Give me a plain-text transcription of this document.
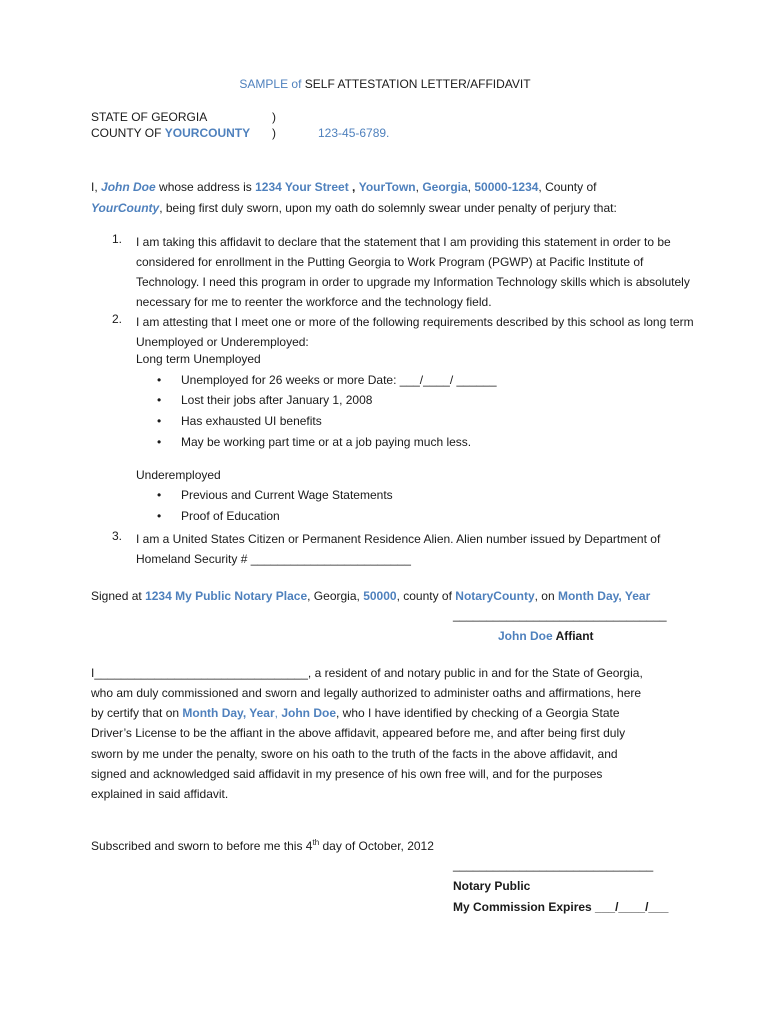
SAMPLE of SELF ATTESTATION LETTER/AFFIDAVIT
STATE OF GEORGIA	)
COUNTY OF YOURCOUNTY )	123-45-6789.
I, John Doe whose address is 1234 Your Street , YourTown, Georgia, 50000-1234, County of
YourCounty, being first duly sworn, upon my oath do solemnly swear under penalty of perjury that:
1. I am taking this affidavit to declare that the statement that I am providing this statement in order to be considered for enrollment in the Putting Georgia to Work Program (PGWP) at Pacific Institute of Technology. I need this program in order to upgrade my Information Technology skills which is absolutely necessary for me to reenter the workforce and the technology field.
2. I am attesting that I meet one or more of the following requirements described by this school as long term Unemployed or Underemployed:
Long term Unemployed
• Unemployed for 26 weeks or more Date: ___/____/ ______
• Lost their jobs after January 1, 2008
• Has exhausted UI benefits
• May be working part time or at a job paying much less.
Underemployed
• Previous and Current Wage Statements
• Proof of Education
3. I am a United States Citizen or Permanent Residence Alien. Alien number issued by Department of Homeland Security # ________________________
Signed at 1234 My Public Notary Place, Georgia, 50000, county of NotaryCounty, on Month Day, Year
________________________________
John Doe Affiant
I________________________________, a resident of and notary public in and for the State of Georgia,
who am duly commissioned and sworn and legally authorized to administer oaths and affirmations, here
by certify that on Month Day, Year, John Doe, who I have identified by checking of a Georgia State
Driver’s License to be the affiant in the above affidavit, appeared before me, and after being first duly
sworn by me under the penalty, swore on his oath to the truth of the facts in the above affidavit, and
signed and acknowledged said affidavit in my presence of his own free will, and for the purposes
explained in said affidavit.
Subscribed and sworn to before me this 4th day of October, 2012
______________________________
Notary Public
My Commission Expires ___/____/___
